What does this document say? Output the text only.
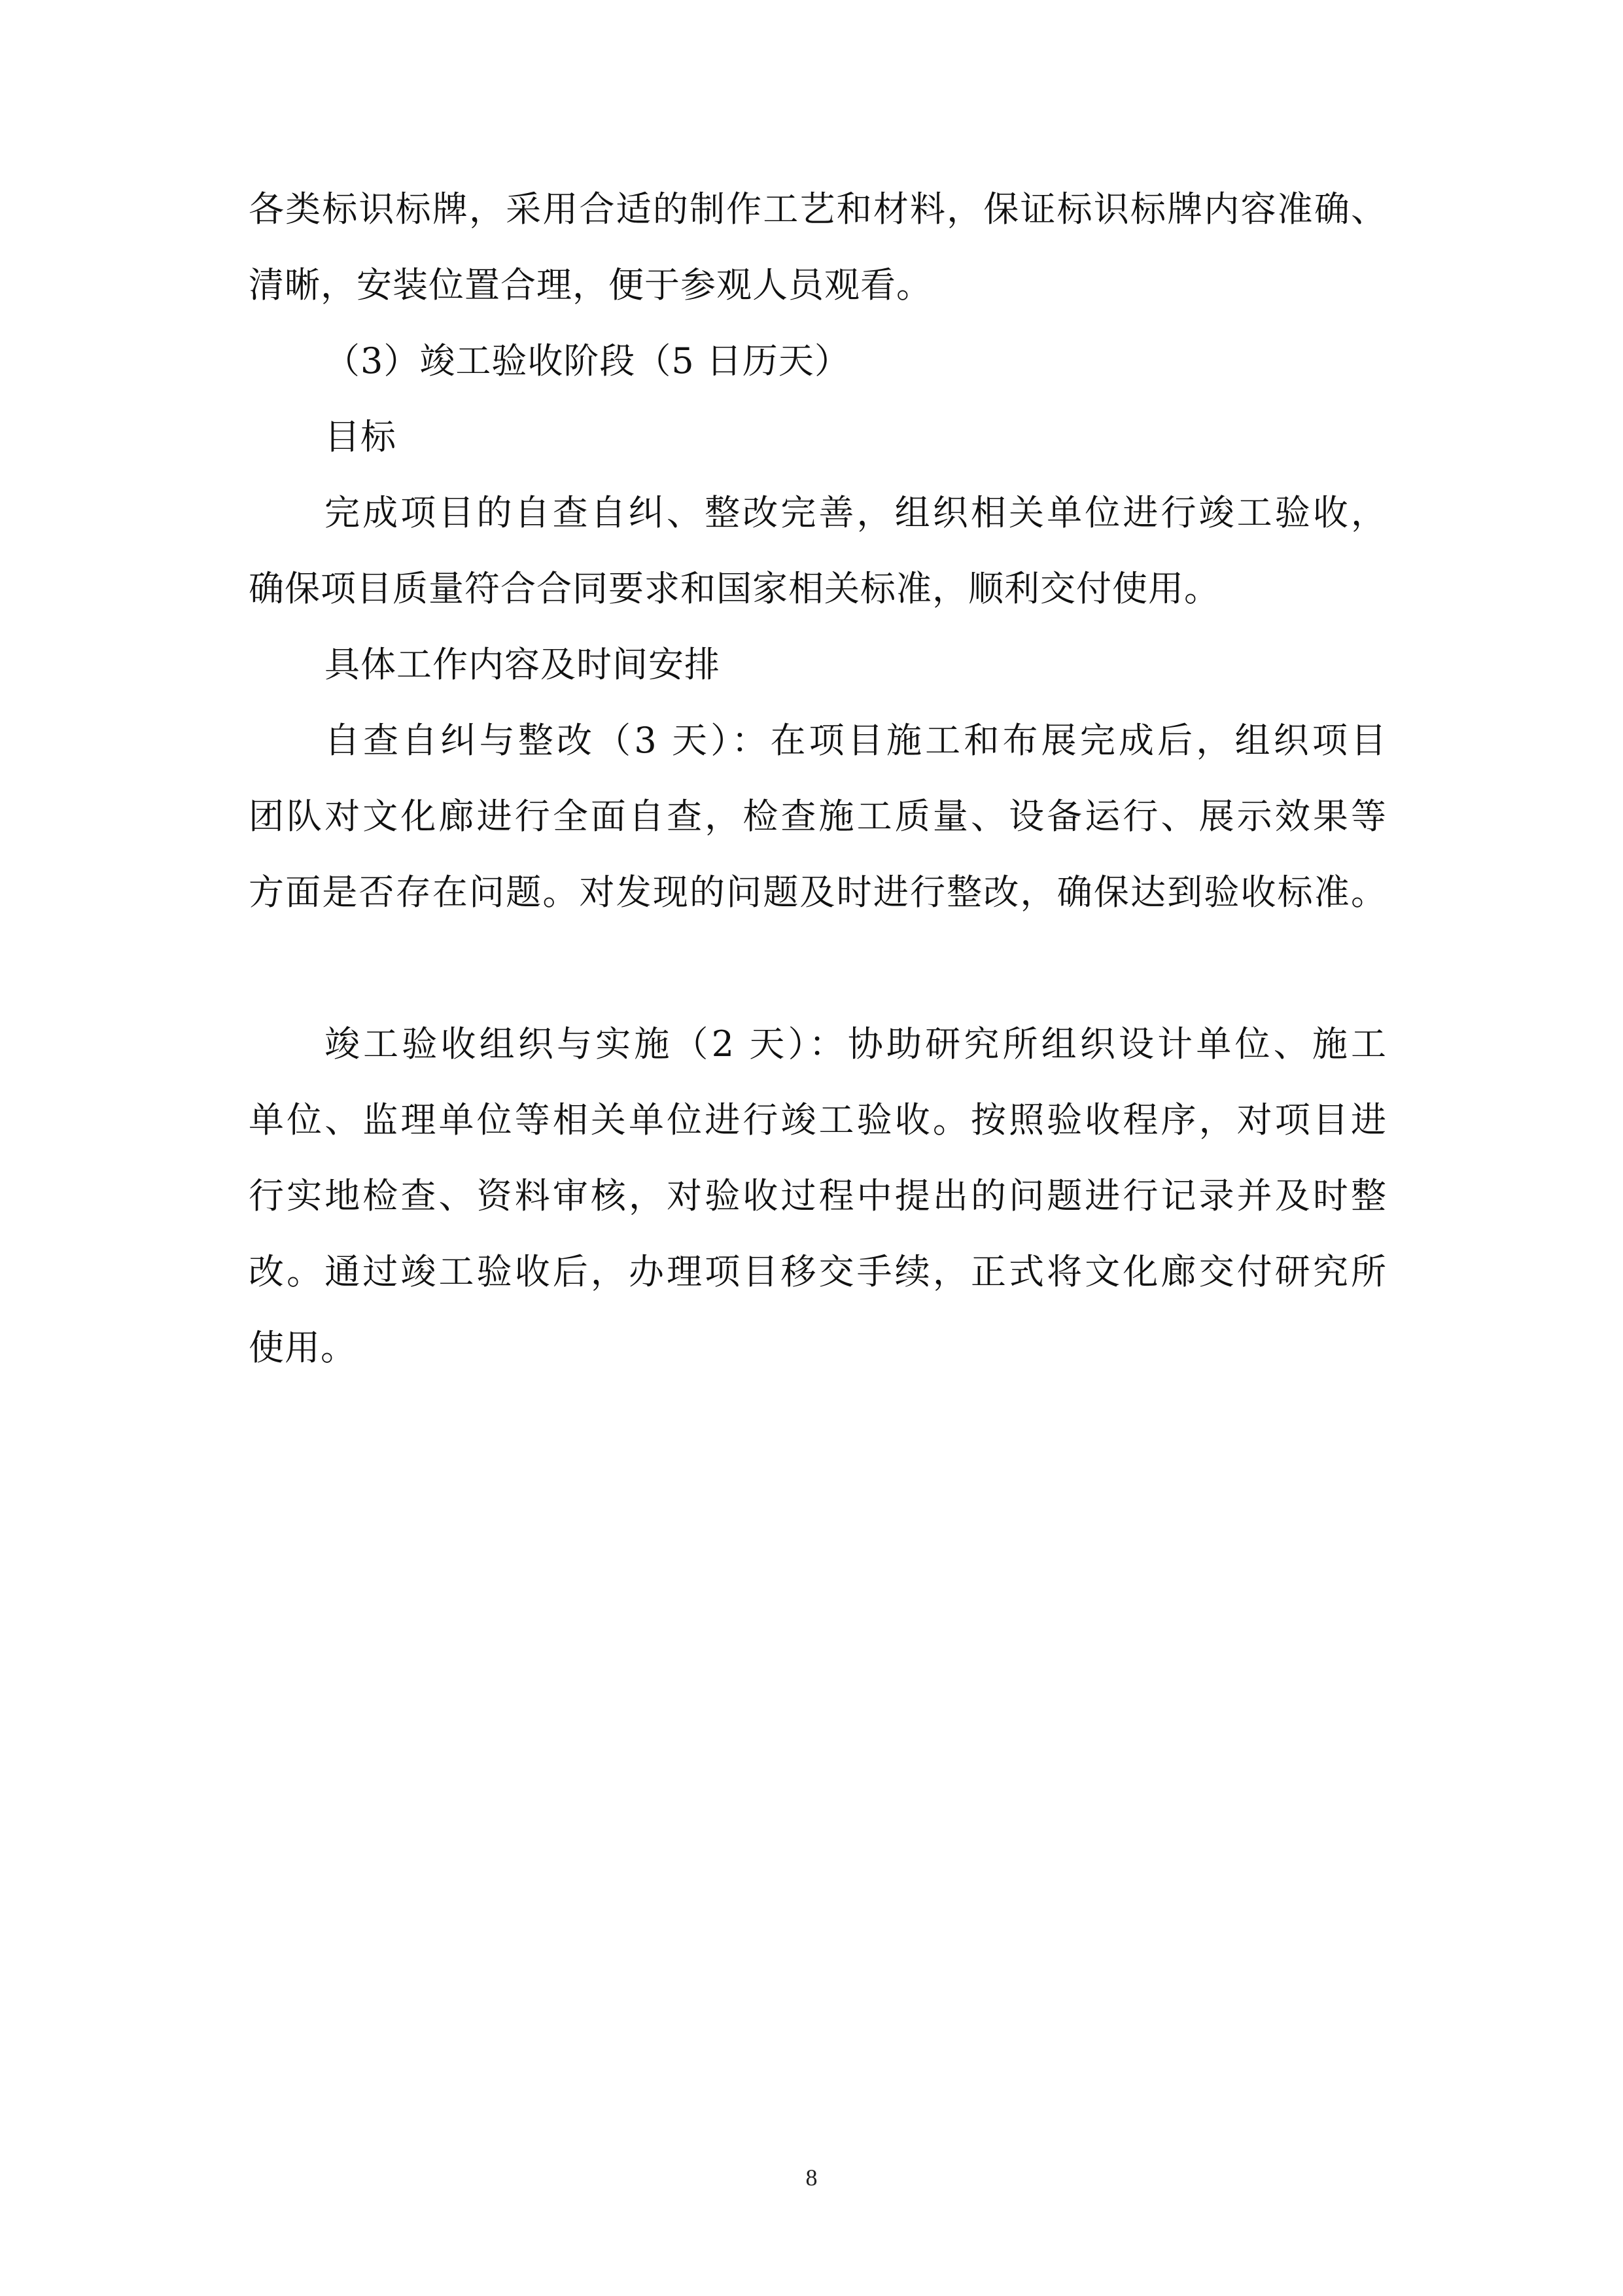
各类标识标牌，采用合适的制作工艺和材料，保证标识标牌内容准确、
清晰，安装位置合理，便于参观人员观看。
（3）竣工验收阶段（5 日历天）
目标
完成项目的自查自纠、整改完善，组织相关单位进行竣工验收，
确保项目质量符合合同要求和国家相关标准，顺利交付使用。
具体工作内容及时间安排
自查自纠与整改（3 天）：在项目施工和布展完成后，组织项目
团队对文化廊进行全面自查，检查施工质量、设备运行、展示效果等
方面是否存在问题。对发现的问题及时进行整改，确保达到验收标准。
竣工验收组织与实施（2 天）：协助研究所组织设计单位、施工
单位、监理单位等相关单位进行竣工验收。按照验收程序，对项目进
行实地检查、资料审核，对验收过程中提出的问题进行记录并及时整
改。通过竣工验收后，办理项目移交手续，正式将文化廊交付研究所
使用。
8
